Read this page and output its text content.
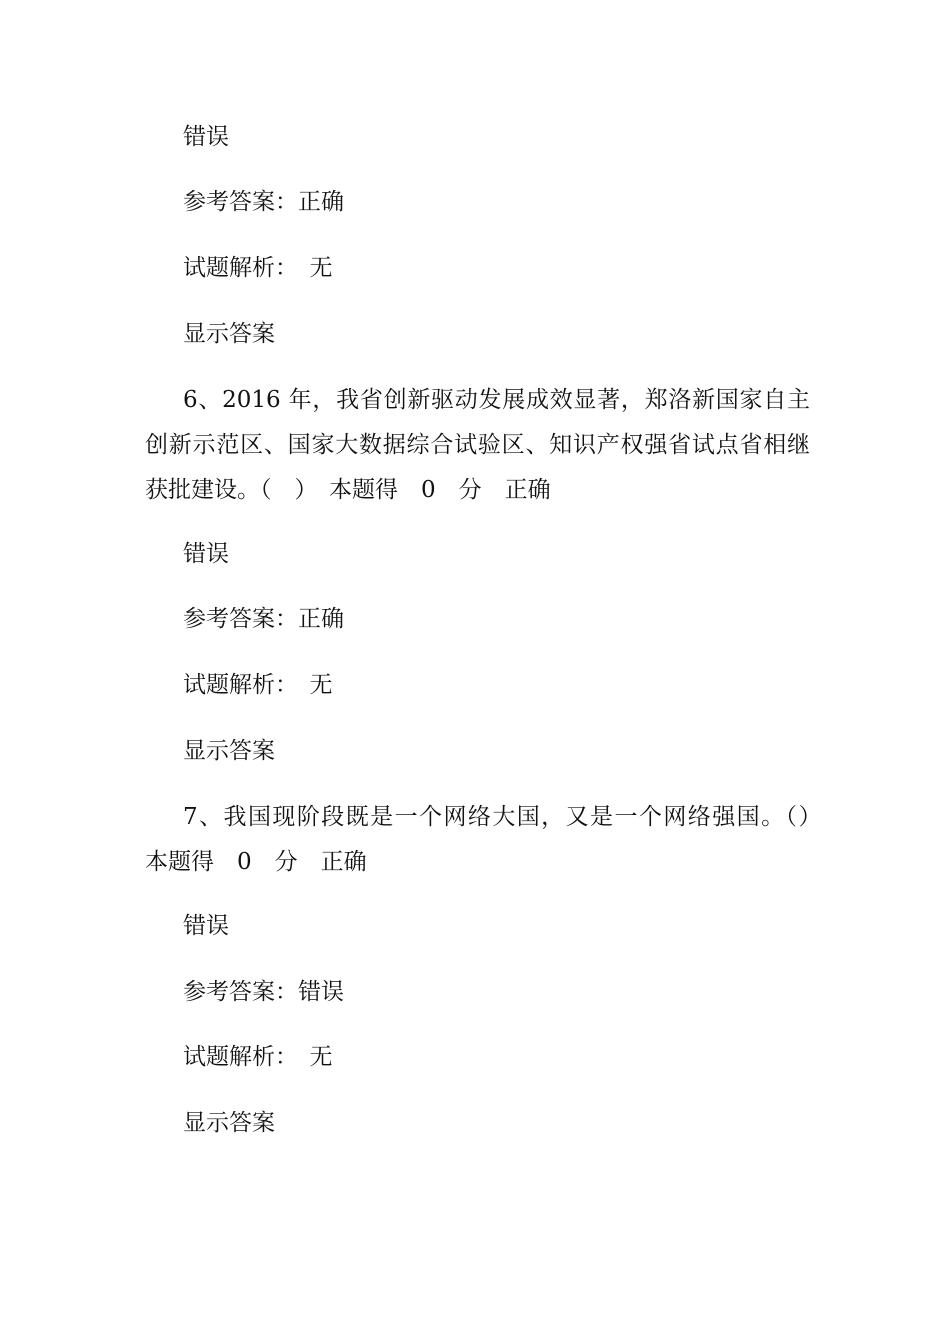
错误

参考答案：正确

试题解析：　无

显示答案

6、2016 年，我省创新驱动发展成效显著，郑洛新国家自主创新示范区、国家大数据综合试验区、知识产权强省试点省相继获批建设。（　）　本题得　0　分　正确

错误

参考答案：正确

试题解析：　无

显示答案

7、我国现阶段既是一个网络大国，又是一个网络强国。（）　本题得　0　分　正确

错误

参考答案：错误

试题解析：　无

显示答案
